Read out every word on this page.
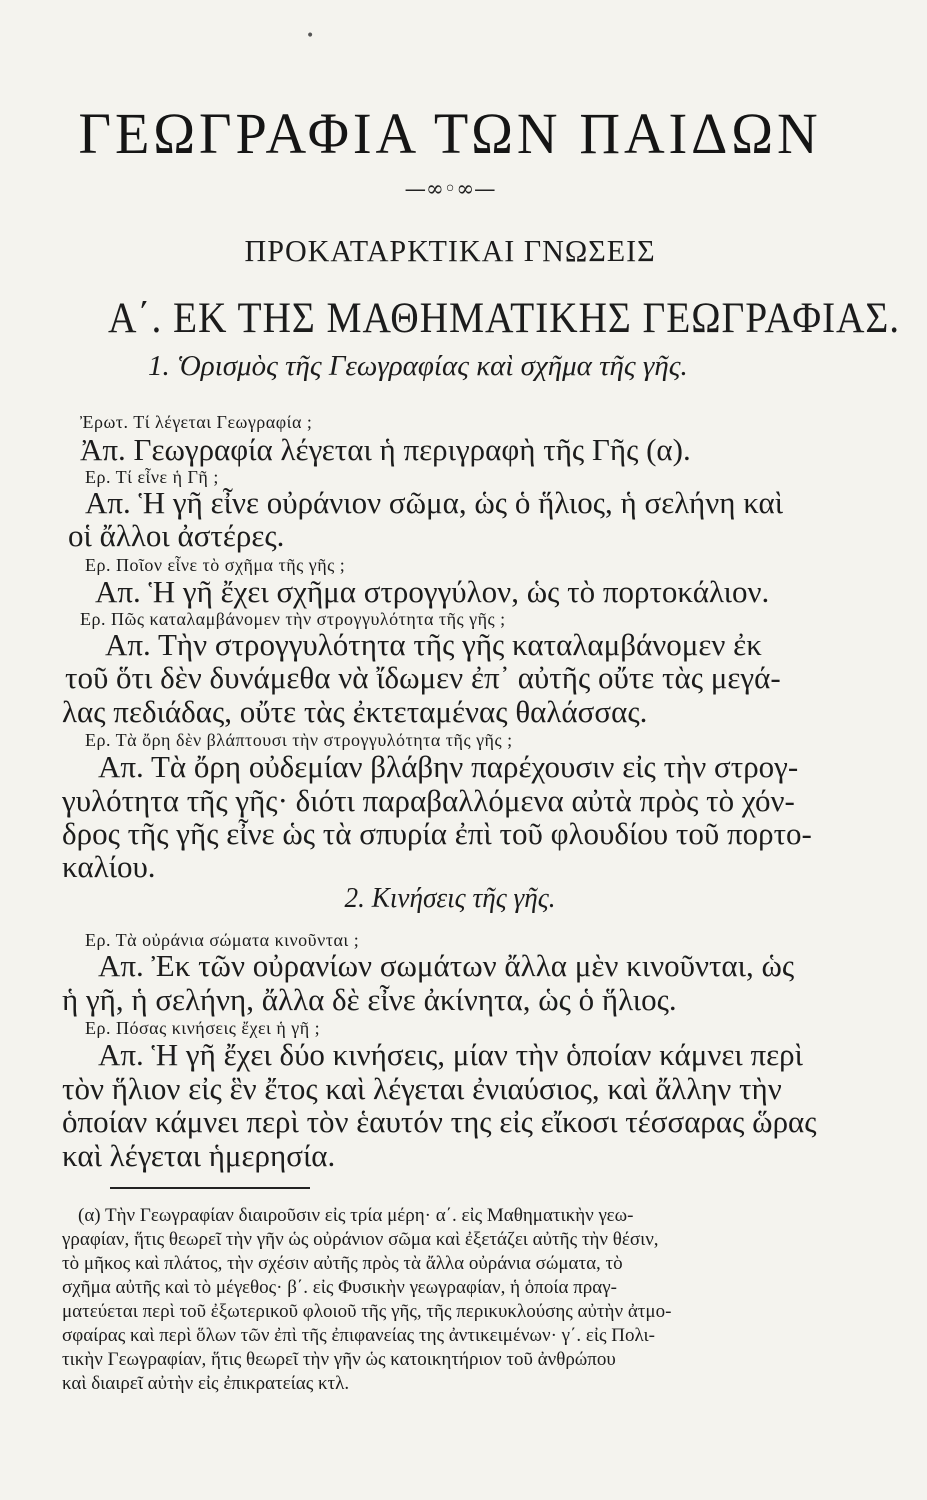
•
ΓΕΩΓΡΑΦΙΑ ΤΩΝ ΠΑΙΔΩΝ
—∞◦∞—
ΠΡΟΚΑΤΑΡΚΤΙΚΑΙ ΓΝΩΣΕΙΣ
Α΄. ΕΚ ΤΗΣ ΜΑΘΗΜΑΤΙΚΗΣ ΓΕΩΓΡΑΦΙΑΣ.
1. Ὁρισμὸς τῆς Γεωγραφίας καὶ σχῆμα τῆς γῆς.
Ἐρωτ. Τί λέγεται Γεωγραφία ;
Ἀπ. Γεωγραφία λέγεται ἡ περιγραφὴ τῆς Γῆς (α).
Ερ. Τί εἶνε ἡ Γῆ ;
Απ. Ἡ γῆ εἶνε οὐράνιον σῶμα, ὡς ὁ ἥλιος, ἡ σελήνη καὶ
οἱ ἄλλοι ἀστέρες.
Ερ. Ποῖον εἶνε τὸ σχῆμα τῆς γῆς ;
Απ. Ἡ γῆ ἔχει σχῆμα στρογγύλον, ὡς τὸ πορτοκάλιον.
Ερ. Πῶς καταλαμβάνομεν τὴν στρογγυλότητα τῆς γῆς ;
Απ. Τὴν στρογγυλότητα τῆς γῆς καταλαμβάνομεν ἐκ
τοῦ ὅτι δὲν δυνάμεθα νὰ ἴδωμεν ἐπ᾽ αὐτῆς οὔτε τὰς μεγά-
λας πεδιάδας, οὔτε τὰς ἐκτεταμένας θαλάσσας.
Ερ. Τὰ ὄρη δὲν βλάπτουσι τὴν στρογγυλότητα τῆς γῆς ;
Απ. Τὰ ὄρη οὐδεμίαν βλάβην παρέχουσιν εἰς τὴν στρογ-
γυλότητα τῆς γῆς· διότι παραβαλλόμενα αὐτὰ πρὸς τὸ χόν-
δρος τῆς γῆς εἶνε ὡς τὰ σπυρία ἐπὶ τοῦ φλουδίου τοῦ πορτο-
καλίου.
2. Κινήσεις τῆς γῆς.
Ερ. Τὰ οὐράνια σώματα κινοῦνται ;
Απ. Ἐκ τῶν οὐρανίων σωμάτων ἄλλα μὲν κινοῦνται, ὡς
ἡ γῆ, ἡ σελήνη, ἄλλα δὲ εἶνε ἀκίνητα, ὡς ὁ ἥλιος.
Ερ. Πόσας κινήσεις ἔχει ἡ γῆ ;
Απ. Ἡ γῆ ἔχει δύο κινήσεις, μίαν τὴν ὁποίαν κάμνει περὶ
τὸν ἥλιον εἰς ἓν ἔτος καὶ λέγεται ἐνιαύσιος, καὶ ἄλλην τὴν
ὁποίαν κάμνει περὶ τὸν ἑαυτόν της εἰς εἴκοσι τέσσαρας ὥρας
καὶ λέγεται ἡμερησία.
(α) Τὴν Γεωγραφίαν διαιροῦσιν εἰς τρία μέρη· α΄. εἰς Μαθηματικὴν γεω-
γραφίαν, ἥτις θεωρεῖ τὴν γῆν ὡς οὐράνιον σῶμα καὶ ἐξετάζει αὐτῆς τὴν θέσιν,
τὸ μῆκος καὶ πλάτος, τὴν σχέσιν αὐτῆς πρὸς τὰ ἄλλα οὐράνια σώματα, τὸ
σχῆμα αὐτῆς καὶ τὸ μέγεθος· β΄. εἰς Φυσικὴν γεωγραφίαν, ἡ ὁποία πραγ-
ματεύεται περὶ τοῦ ἐξωτερικοῦ φλοιοῦ τῆς γῆς, τῆς περικυκλούσης αὐτὴν ἀτμο-
σφαίρας καὶ περὶ ὅλων τῶν ἐπὶ τῆς ἐπιφανείας της ἀντικειμένων· γ΄. εἰς Πολι-
τικὴν Γεωγραφίαν, ἥτις θεωρεῖ τὴν γῆν ὡς κατοικητήριον τοῦ ἀνθρώπου
καὶ διαιρεῖ αὐτὴν εἰς ἐπικρατείας κτλ.
